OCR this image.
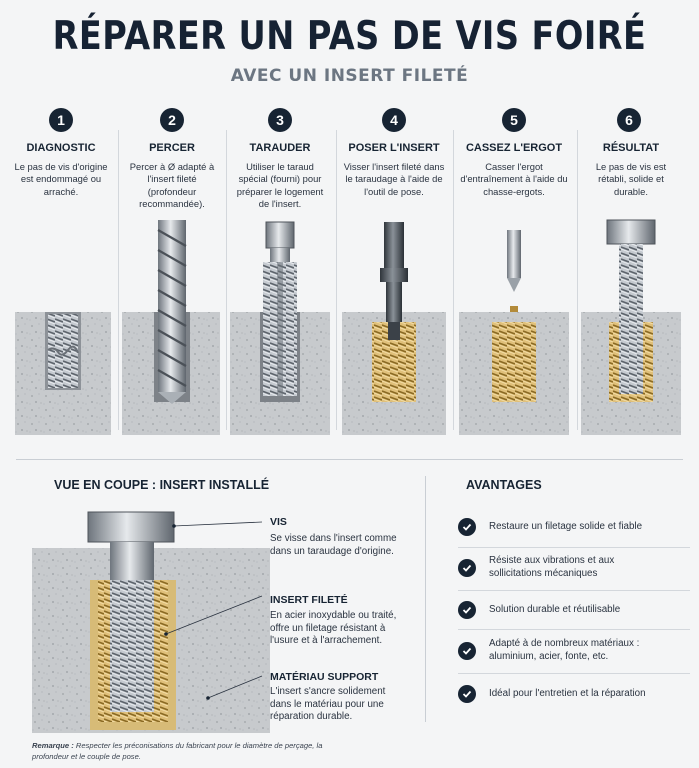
RÉPARER UN PAS DE VIS FOIRÉ
AVEC UN INSERT FILETÉ
1
DIAGNOSTIC
Le pas de vis d'origine est endommagé ou arraché.
2
PERCER
Percer à Ø adapté à l'insert fileté (profondeur recommandée).
3
TARAUDER
Utiliser le taraud spécial (fourni) pour préparer le logement de l'insert.
4
POSER L'INSERT
Visser l'insert fileté dans le taraudage à l'aide de l'outil de pose.
5
CASSEZ L'ERGOT
Casser l'ergot d'entraînement à l'aide du chasse-ergots.
6
RÉSULTAT
Le pas de vis est rétabli, solide et durable.
VUE EN COUPE : INSERT INSTALLÉ
VIS
Se visse dans l'insert comme dans un taraudage d'origine.
INSERT FILETÉ
En acier inoxydable ou traité, offre un filetage résistant à l'usure et à l'arrachement.
MATÉRIAU SUPPORT
L'insert s'ancre solidement dans le matériau pour une réparation durable.
AVANTAGES
Restaure un filetage solide et fiable
Résiste aux vibrations et aux sollicitations mécaniques
Solution durable et réutilisable
Adapté à de nombreux matériaux : aluminium, acier, fonte, etc.
Idéal pour l'entretien et la réparation
Remarque : Respecter les préconisations du fabricant pour le diamètre de perçage, la profondeur et le couple de pose.
